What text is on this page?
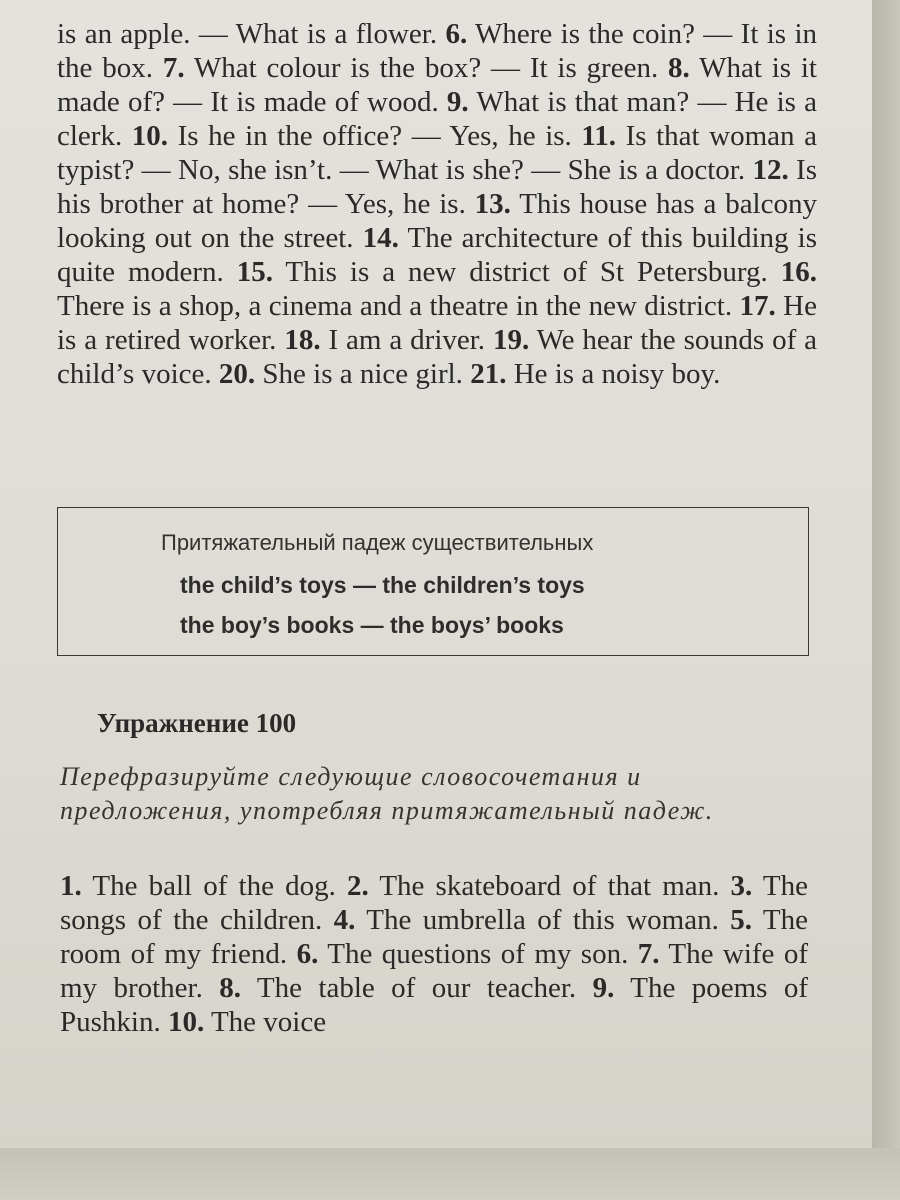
is an apple. — What is a flower. 6. Where is the coin? — It is in the box. 7. What colour is the box? — It is green. 8. What is it made of? — It is made of wood. 9. What is that man? — He is a clerk. 10. Is he in the office? — Yes, he is. 11. Is that woman a typist? — No, she isn’t. — What is she? — She is a doctor. 12. Is his brother at home? — Yes, he is. 13. This house has a balcony looking out on the street. 14. The architecture of this building is quite modern. 15. This is a new district of St Petersburg. 16. There is a shop, a cinema and a theatre in the new district. 17. He is a retired worker. 18. I am a driver. 19. We hear the sounds of a child’s voice. 20. She is a nice girl. 21. He is a noisy boy.

Притяжательный падеж существительных
the child’s toys — the children’s toys
the boy’s books — the boys’ books
Упражнение 100
Перефразируйте следующие словосочетания и предложения, употребляя притяжательный падеж.

1. The ball of the dog. 2. The skateboard of that man. 3. The songs of the children. 4. The umbrella of this woman. 5. The room of my friend. 6. The questions of my son. 7. The wife of my brother. 8. The table of our teacher. 9. The poems of Pushkin. 10. The voice
